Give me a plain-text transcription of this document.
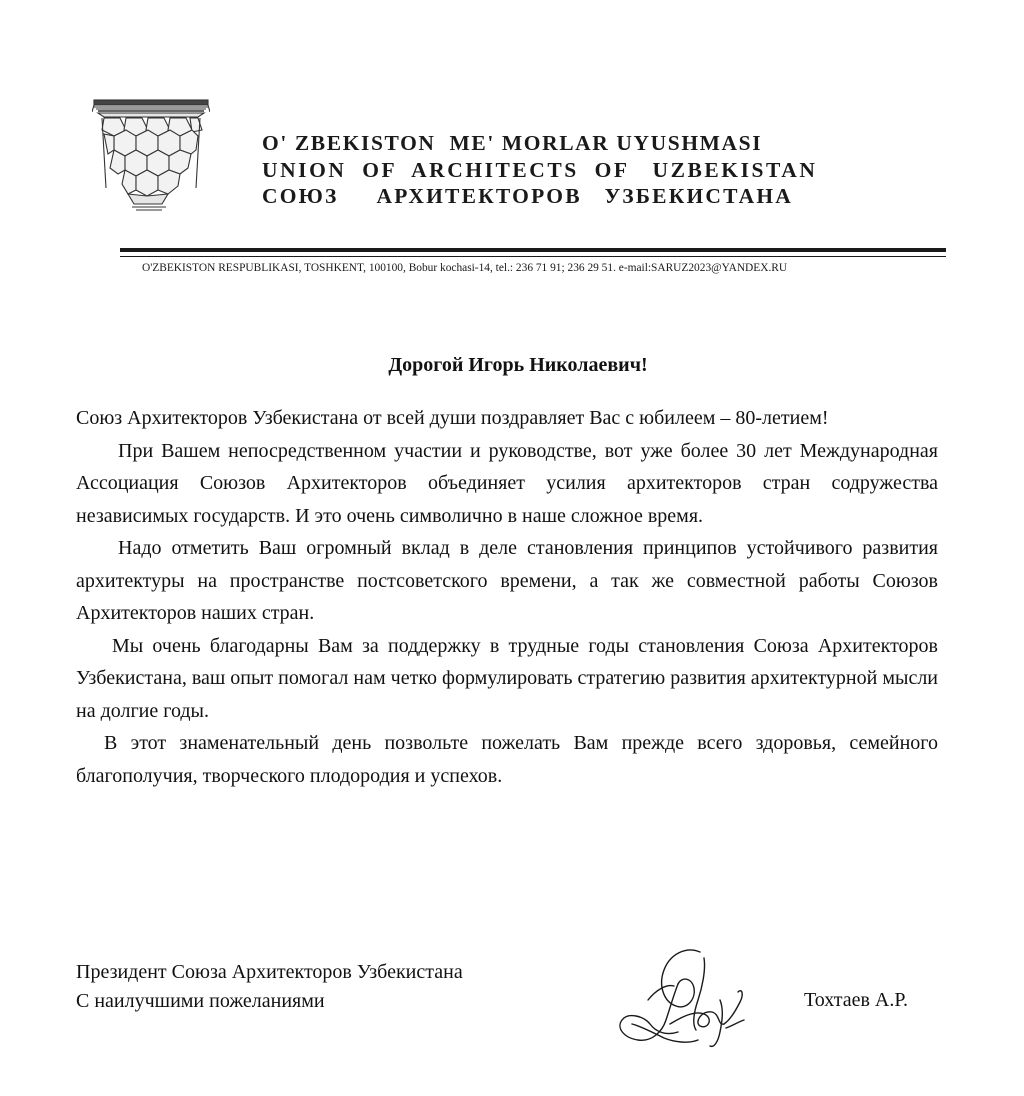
O' ZBEKISTON  ME' MORLAR UYUSHMASI
UNION  OF  ARCHITECTS  OF   UZBEKISTAN
СОЮЗ     АРХИТЕКТОРОВ   УЗБЕКИСТАНА
O'ZBEKISTON RESPUBLIKASI, TOSHKENT, 100100, Bobur kochasi-14, tel.: 236 71 91; 236 29 51. e-mail:SARUZ2023@YANDEX.RU
Дорогой Игорь Николаевич!

Союз Архитекторов Узбекистана от всей души поздравляет Вас с юбилеем – 80-летием!

При Вашем непосредственном участии и руководстве, вот уже более 30 лет Международная Ассоциация Союзов Архитекторов объединяет усилия архитекторов стран содружества независимых государств. И это очень символично в наше сложное время.

Надо отметить Ваш огромный вклад в деле становления принципов устойчивого развития архитектуры на пространстве постсоветского времени, а так же совместной работы Союзов Архитекторов наших стран.

Мы очень благодарны Вам за поддержку в трудные годы становления Союза Архитекторов Узбекистана, ваш опыт помогал нам четко формулировать стратегию развития архитектурной мысли на долгие годы.

В этот знаменательный день позвольте пожелать Вам прежде всего здоровья, семейного благополучия, творческого плодородия и успехов.

Президент Союза Архитекторов Узбекистана
С наилучшими пожеланиями	Тохтаев А.Р.
